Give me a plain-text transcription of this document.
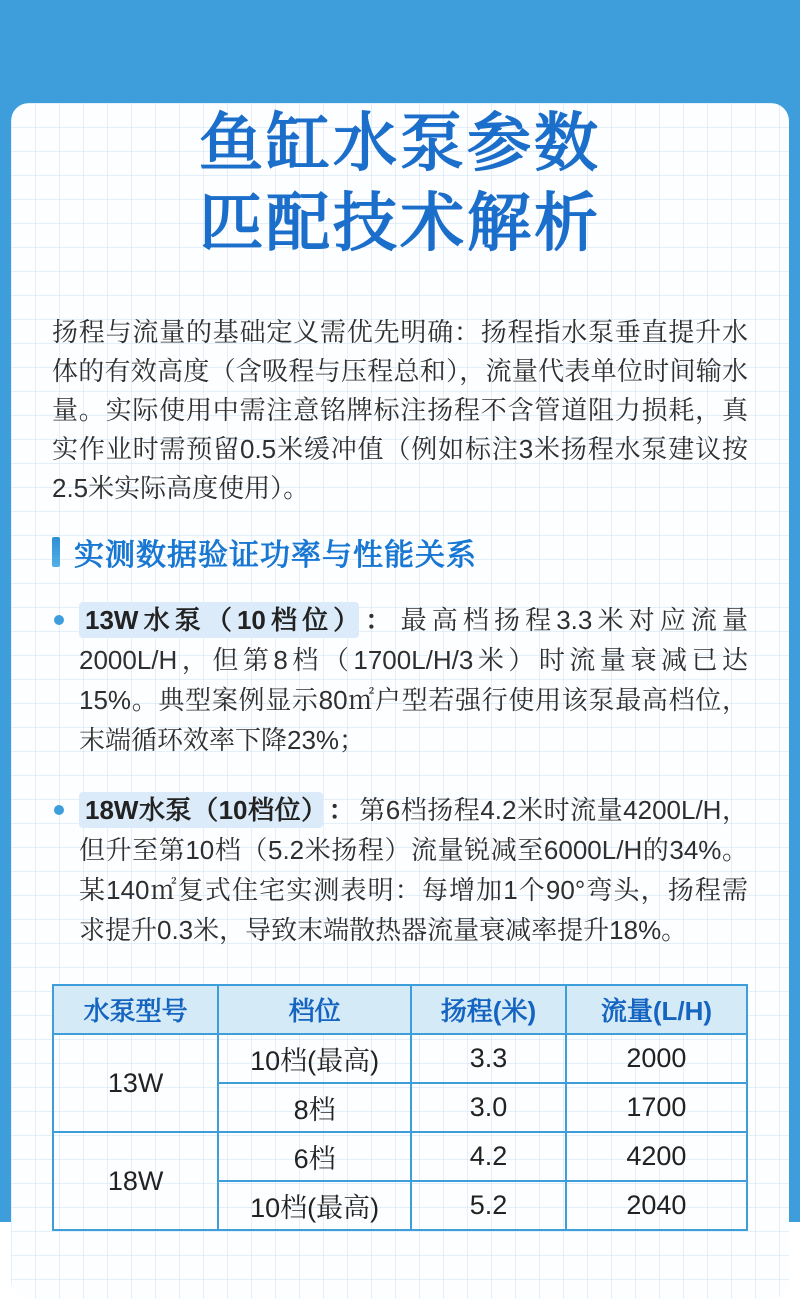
鱼缸水泵参数
匹配技术解析

扬程与流量的基础定义需优先明确：扬程指水泵垂直提升水体的有效高度（含吸程与压程总和），流量代表单位时间输水量。实际使用中需注意铭牌标注扬程不含管道阻力损耗，真实作业时需预留0.5米缓冲值（例如标注3米扬程水泵建议按2.5米实际高度使用）。

实测数据验证功率与性能关系
13W水泵（10档位） ： 最高档扬程3.3米对应流量2000L/H，但第8档（1700L/H/3米）时流量衰减已达15%。典型案例显示80㎡户型若强行使用该泵最高档位，末端循环效率下降23%；
18W水泵（10档位） ： 第6档扬程4.2米时流量4200L/H，但升至第10档（5.2米扬程）流量锐减至6000L/H的34%。某140㎡复式住宅实测表明：每增加1个90°弯头，扬程需求提升0.3米，导致末端散热器流量衰减率提升18%。
水泵型号	档位	扬程(米)	流量(L/H)
13W	10档(最高)	3.3	2000
	8档	3.0	1700
18W	6档	4.2	4200
	10档(最高)	5.2	2040
